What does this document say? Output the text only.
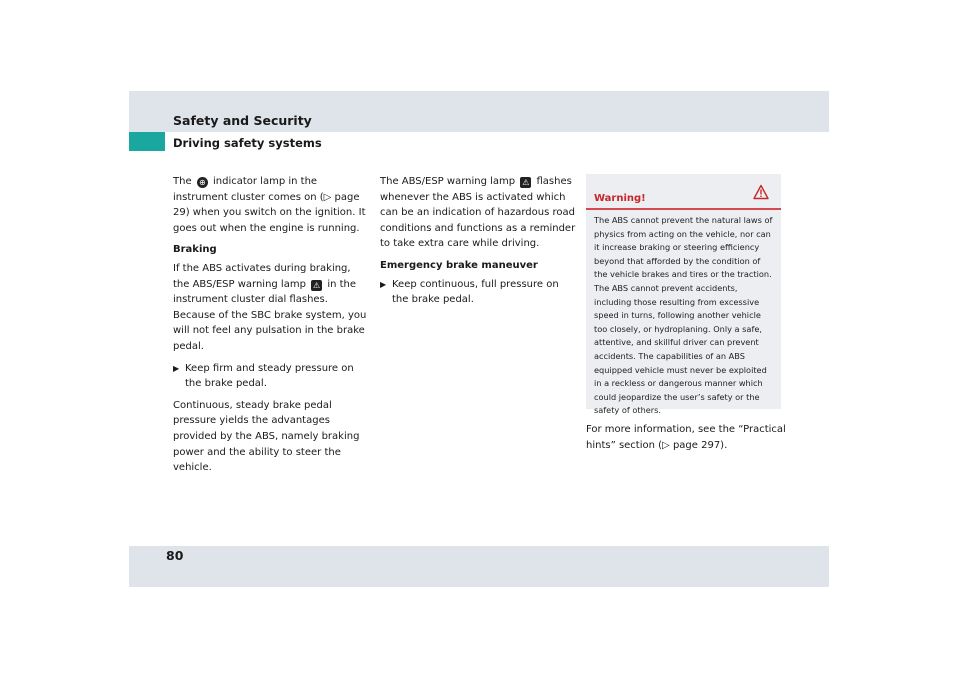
Safety and Security
Driving safety systems

The ⊕ indicator lamp in the instrument cluster comes on (▷ page 29) when you switch on the ignition. It goes out when the engine is running.

Braking

If the ABS activates during braking, the ABS/ESP warning lamp ⚠ in the instrument cluster dial flashes. Because of the SBC brake system, you will not feel any pulsation in the brake pedal.

▶ Keep firm and steady pressure on the brake pedal.

Continuous, steady brake pedal pressure yields the advantages provided by the ABS, namely braking power and the ability to steer the vehicle.

The ABS/ESP warning lamp ⚠ flashes whenever the ABS is activated which can be an indication of hazardous road conditions and functions as a reminder to take extra care while driving.

Emergency brake maneuver

▶ Keep continuous, full pressure on the brake pedal.
Warning!
The ABS cannot prevent the natural laws of physics from acting on the vehicle, nor can it increase braking or steering efficiency beyond that afforded by the condition of the vehicle brakes and tires or the traction. The ABS cannot prevent accidents, including those resulting from excessive speed in turns, following another vehicle too closely, or hydroplaning. Only a safe, attentive, and skillful driver can prevent accidents. The capabilities of an ABS equipped vehicle must never be exploited in a reckless or dangerous manner which could jeopardize the user’s safety or the safety of others.

For more information, see the “Practical hints” section (▷ page 297).

80
